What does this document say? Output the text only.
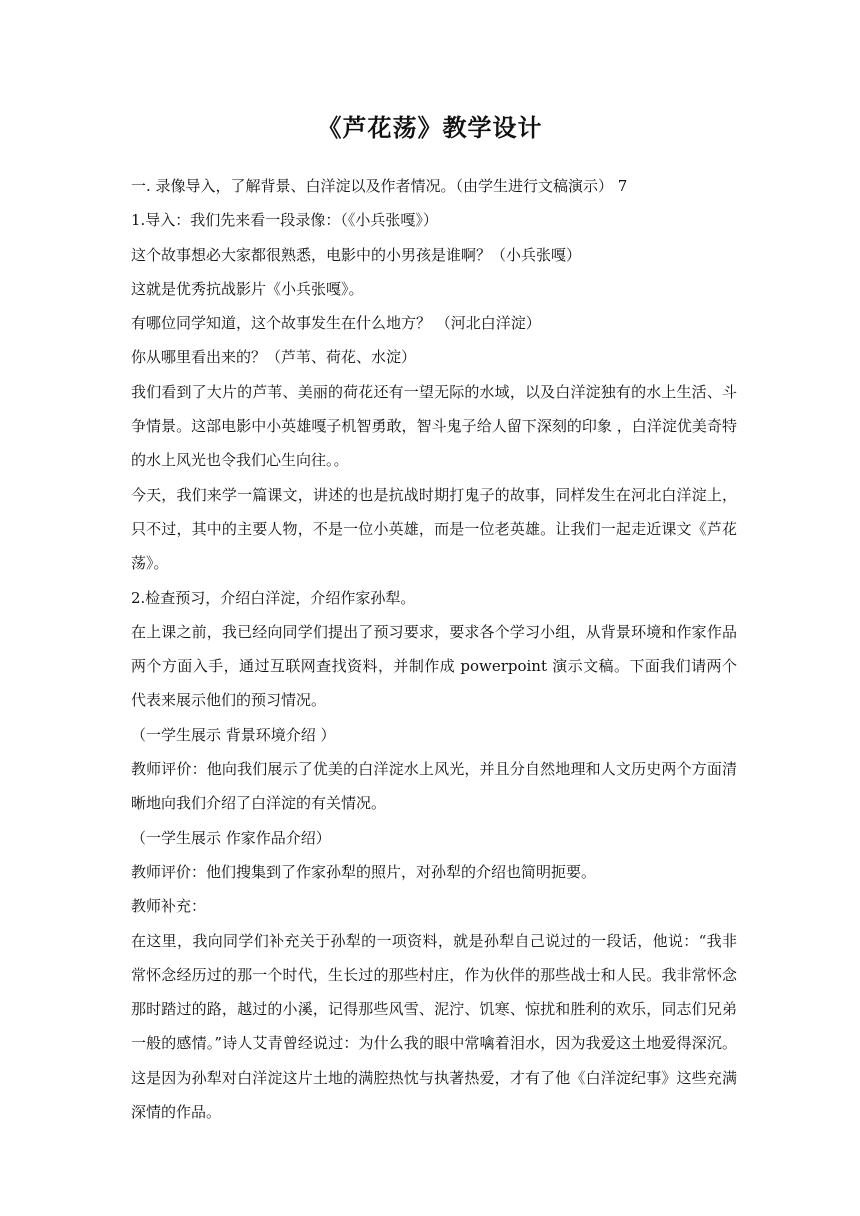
《芦花荡》教学设计

一. 录像导入，了解背景、白洋淀以及作者情况。（由学生进行文稿演示） 7

1.导入：我们先来看一段录像：（《小兵张嘎》）

这个故事想必大家都很熟悉，电影中的小男孩是谁啊？（小兵张嘎）

这就是优秀抗战影片《小兵张嘎》。

有哪位同学知道，这个故事发生在什么地方？ （河北白洋淀）

你从哪里看出来的？（芦苇、荷花、水淀）

我们看到了大片的芦苇、美丽的荷花还有一望无际的水域，以及白洋淀独有的水上生活、斗争情景。这部电影中小英雄嘎子机智勇敢，智斗鬼子给人留下深刻的印象 ，白洋淀优美奇特的水上风光也令我们心生向往。。

今天，我们来学一篇课文，讲述的也是抗战时期打鬼子的故事，同样发生在河北白洋淀上，只不过，其中的主要人物，不是一位小英雄，而是一位老英雄。让我们一起走近课文《芦花荡》。

2.检查预习，介绍白洋淀，介绍作家孙犁。

在上课之前，我已经向同学们提出了预习要求，要求各个学习小组，从背景环境和作家作品两个方面入手，通过互联网查找资料，并制作成 powerpoint 演示文稿。下面我们请两个代表来展示他们的预习情况。

（一学生展示 背景环境介绍 ）

教师评价：他向我们展示了优美的白洋淀水上风光，并且分自然地理和人文历史两个方面清晰地向我们介绍了白洋淀的有关情况。

（一学生展示 作家作品介绍）

教师评价：他们搜集到了作家孙犁的照片，对孙犁的介绍也简明扼要。

教师补充：

在这里，我向同学们补充关于孙犁的一项资料，就是孙犁自己说过的一段话，他说：“我非常怀念经历过的那一个时代，生长过的那些村庄，作为伙伴的那些战士和人民。我非常怀念那时踏过的路，越过的小溪，记得那些风雪、泥泞、饥寒、惊扰和胜利的欢乐，同志们兄弟一般的感情。”诗人艾青曾经说过：为什么我的眼中常噙着泪水，因为我爱这土地爱得深沉。这是因为孙犁对白洋淀这片土地的满腔热忱与执著热爱，才有了他《白洋淀纪事》这些充满深情的作品。
